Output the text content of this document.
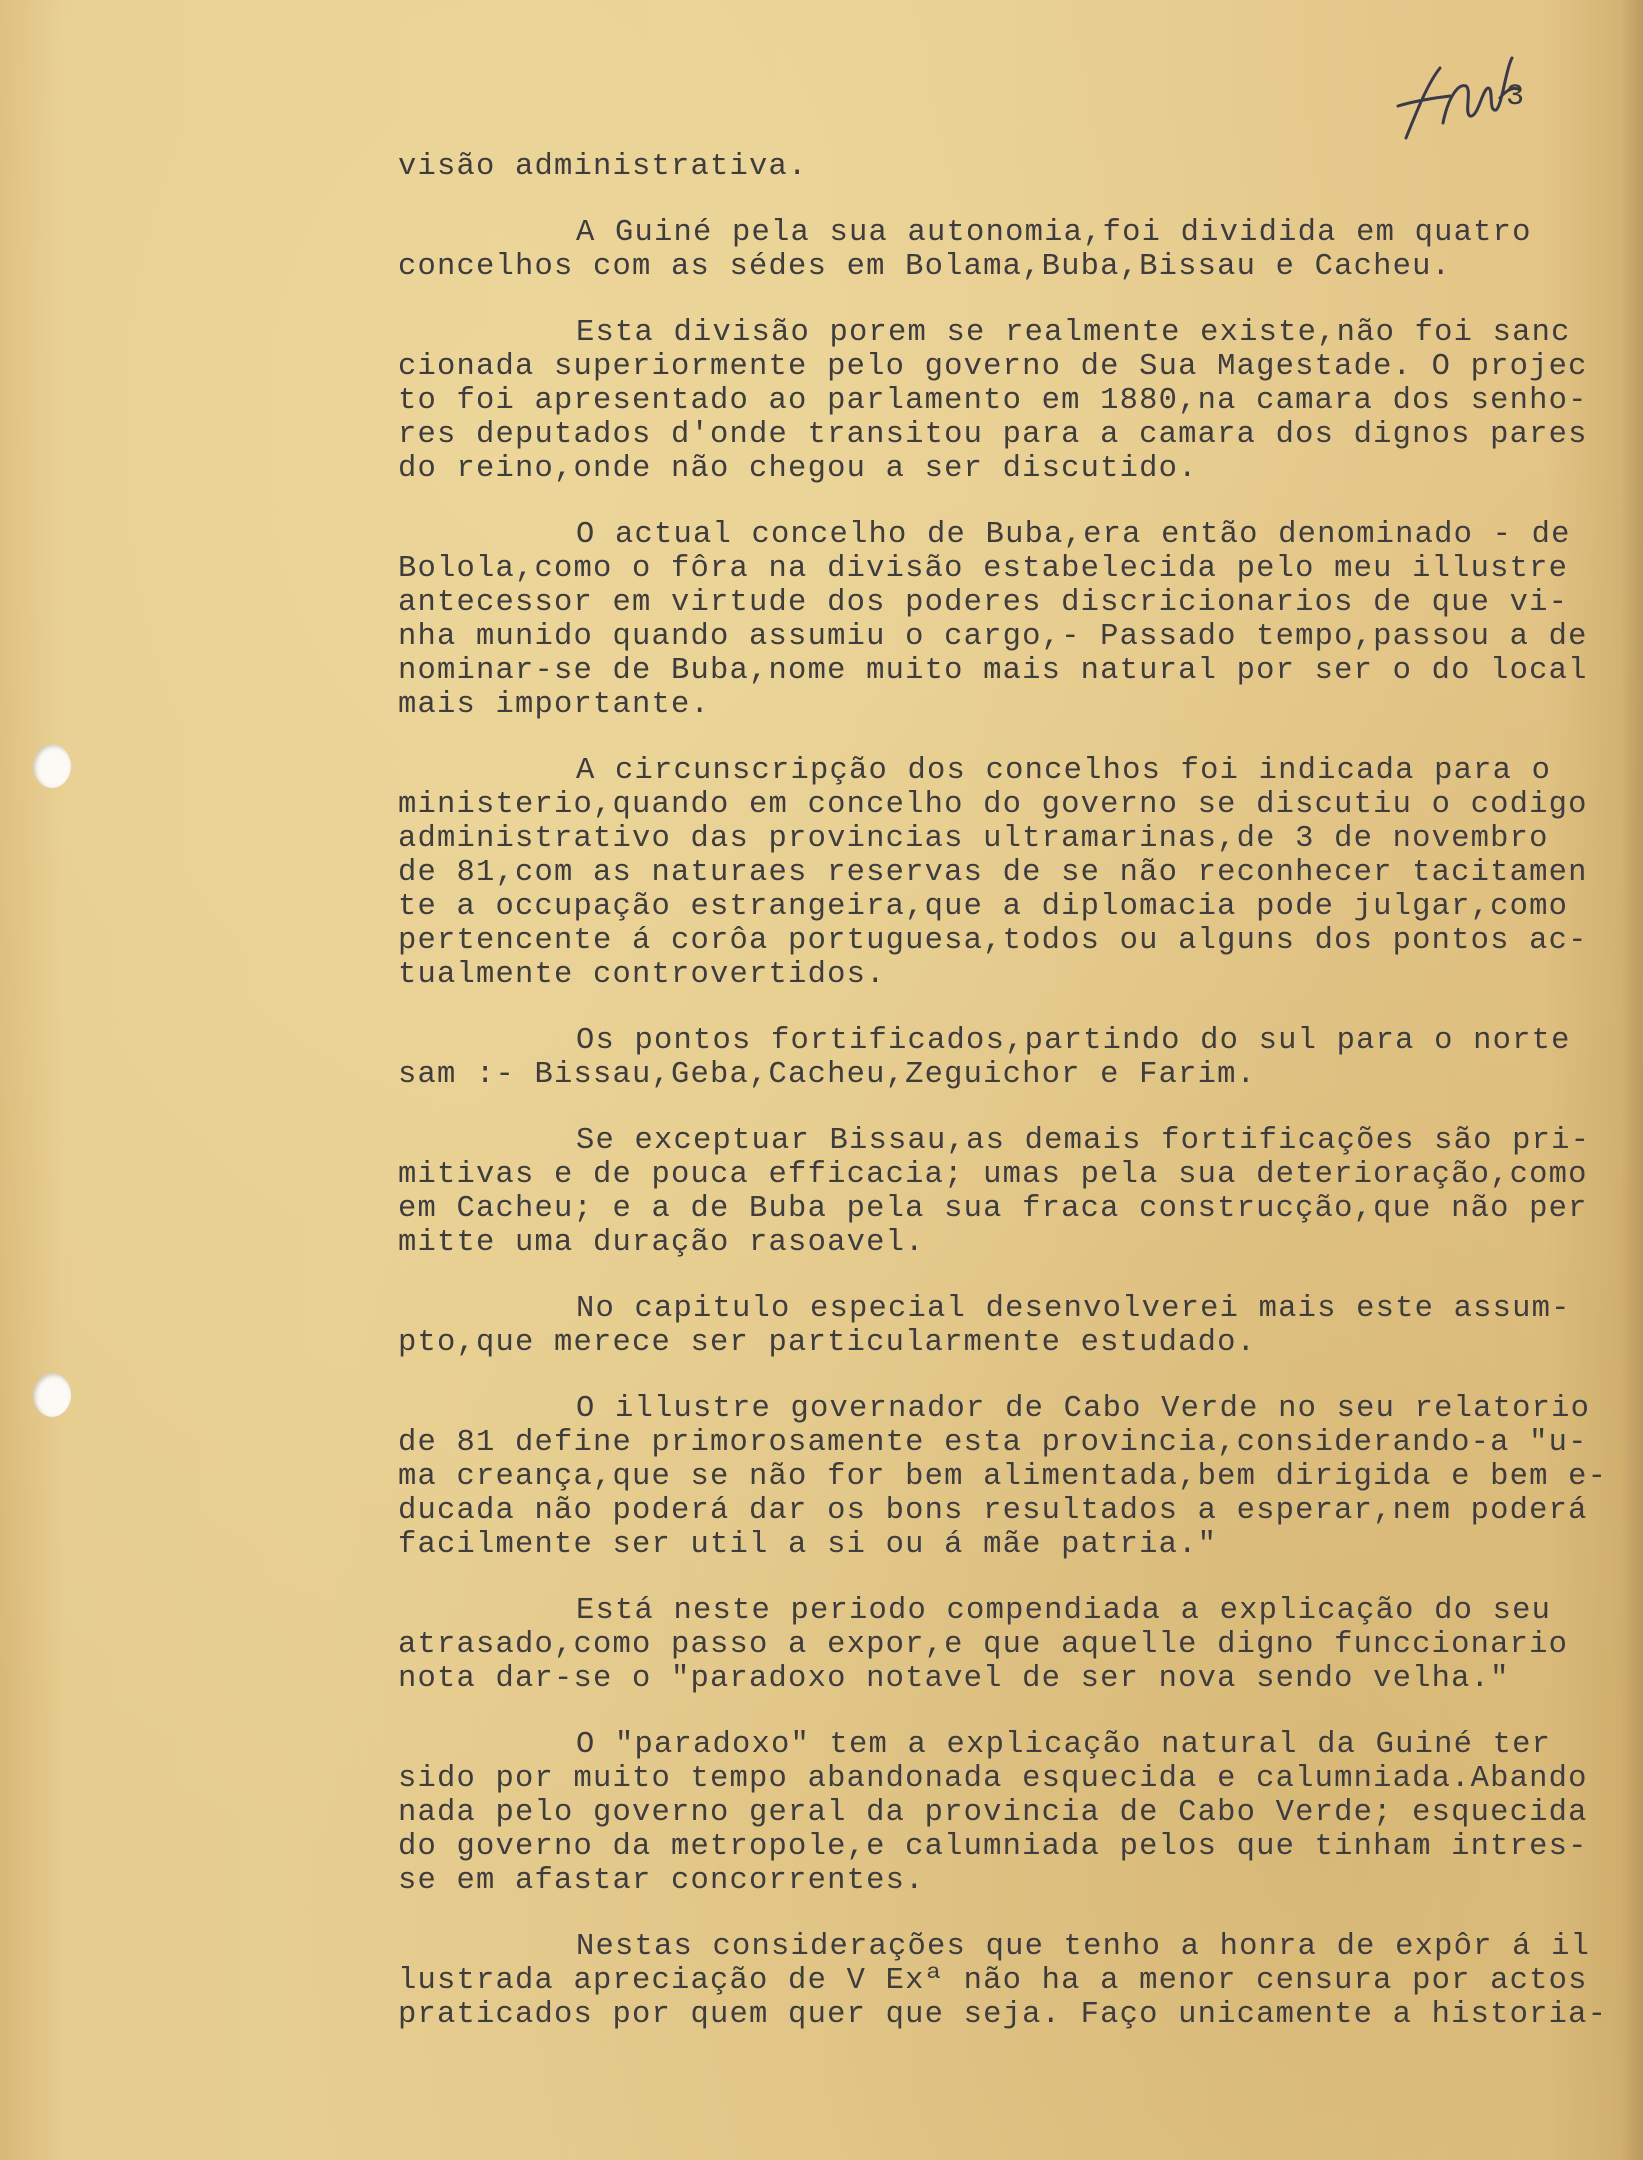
3
visão administrativa.
A Guiné pela sua autonomia,foi dividida em quatro
concelhos com as sédes em Bolama,Buba,Bissau e Cacheu.
Esta divisão porem se realmente existe,não foi sanc
cionada superiormente pelo governo de Sua Magestade. O projec
to foi apresentado ao parlamento em 1880,na camara dos senho-
res deputados d'onde transitou para a camara dos dignos pares
do reino,onde não chegou a ser discutido.
O actual concelho de Buba,era então denominado - de
Bolola,como o fôra na divisão estabelecida pelo meu illustre
antecessor em virtude dos poderes discricionarios de que vi-
nha munido quando assumiu o cargo,- Passado tempo,passou a de
nominar-se de Buba,nome muito mais natural por ser o do local
mais importante.
A circunscripção dos concelhos foi indicada para o
ministerio,quando em concelho do governo se discutiu o codigo
administrativo das provincias ultramarinas,de 3 de novembro
de 81,com as naturaes reservas de se não reconhecer tacitamen
te a occupação estrangeira,que a diplomacia pode julgar,como
pertencente á corôa portuguesa,todos ou alguns dos pontos ac-
tualmente controvertidos.
Os pontos fortificados,partindo do sul para o norte
sam :- Bissau,Geba,Cacheu,Zeguichor e Farim.
Se exceptuar Bissau,as demais fortificações são pri-
mitivas e de pouca efficacia; umas pela sua deterioração,como
em Cacheu; e a de Buba pela sua fraca construcção,que não per
mitte uma duração rasoavel.
No capitulo especial desenvolverei mais este assum-
pto,que merece ser particularmente estudado.
O illustre governador de Cabo Verde no seu relatorio
de 81 define primorosamente esta provincia,considerando-a "u-
ma creança,que se não for bem alimentada,bem dirigida e bem e-
ducada não poderá dar os bons resultados a esperar,nem poderá
facilmente ser util a si ou á mãe patria."
Está neste periodo compendiada a explicação do seu
atrasado,como passo a expor,e que aquelle digno funccionario
nota dar-se o "paradoxo notavel de ser nova sendo velha."
O "paradoxo" tem a explicação natural da Guiné ter
sido por muito tempo abandonada esquecida e calumniada.Abando
nada pelo governo geral da provincia de Cabo Verde; esquecida
do governo da metropole,e calumniada pelos que tinham intres-
se em afastar concorrentes.
Nestas considerações que tenho a honra de expôr á il
lustrada apreciação de V Exª não ha a menor censura por actos
praticados por quem quer que seja. Faço unicamente a historia-
